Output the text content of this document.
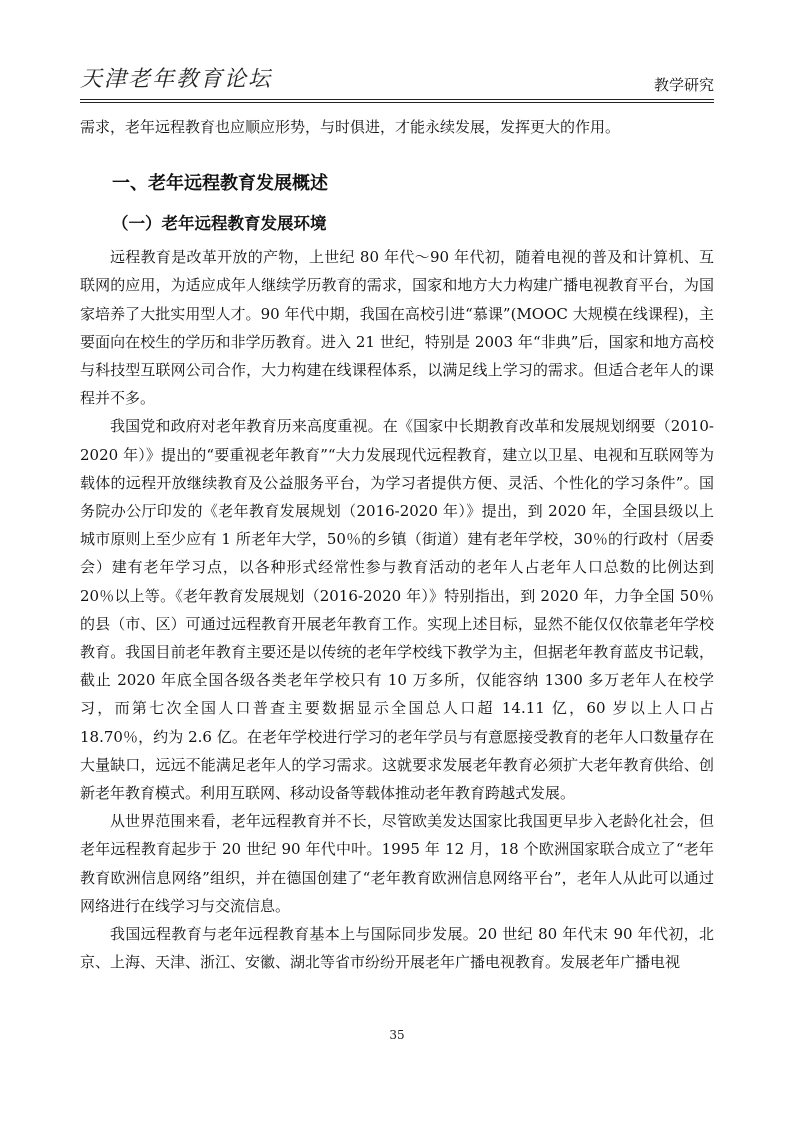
天津老年教育论坛	教学研究

需求，老年远程教育也应顺应形势，与时俱进，才能永续发展，发挥更大的作用。

一、老年远程教育发展概述
（一）老年远程教育发展环境

远程教育是改革开放的产物，上世纪 80 年代～90 年代初，随着电视的普及和计算机、互联网的应用，为适应成年人继续学历教育的需求，国家和地方大力构建广播电视教育平台，为国家培养了大批实用型人才。90 年代中期，我国在高校引进“慕课”(MOOC 大规模在线课程)，主要面向在校生的学历和非学历教育。进入 21 世纪，特别是 2003 年“非典”后，国家和地方高校与科技型互联网公司合作，大力构建在线课程体系，以满足线上学习的需求。但适合老年人的课程并不多。

我国党和政府对老年教育历来高度重视。在《国家中长期教育改革和发展规划纲要（2010-2020 年）》提出的“要重视老年教育”“大力发展现代远程教育，建立以卫星、电视和互联网等为载体的远程开放继续教育及公益服务平台，为学习者提供方便、灵活、个性化的学习条件”。国务院办公厅印发的《老年教育发展规划（2016-2020 年）》提出，到 2020 年，全国县级以上城市原则上至少应有 1 所老年大学，50％的乡镇（街道）建有老年学校，30％的行政村（居委会）建有老年学习点，以各种形式经常性参与教育活动的老年人占老年人口总数的比例达到 20％以上等。《老年教育发展规划（2016-2020 年）》特别指出，到 2020 年，力争全国 50％的县（市、区）可通过远程教育开展老年教育工作。实现上述目标，显然不能仅仅依靠老年学校教育。我国目前老年教育主要还是以传统的老年学校线下教学为主，但据老年教育蓝皮书记载，截止 2020 年底全国各级各类老年学校只有 10 万多所，仅能容纳 1300 多万老年人在校学习，而第七次全国人口普查主要数据显示全国总人口超 14.11 亿，60 岁以上人口占 18.70％，约为 2.6 亿。在老年学校进行学习的老年学员与有意愿接受教育的老年人口数量存在大量缺口，远远不能满足老年人的学习需求。这就要求发展老年教育必须扩大老年教育供给、创新老年教育模式。利用互联网、移动设备等载体推动老年教育跨越式发展。

从世界范围来看，老年远程教育并不长，尽管欧美发达国家比我国更早步入老龄化社会，但老年远程教育起步于 20 世纪 90 年代中叶。1995 年 12 月，18 个欧洲国家联合成立了“老年教育欧洲信息网络”组织，并在德国创建了“老年教育欧洲信息网络平台”，老年人从此可以通过网络进行在线学习与交流信息。

我国远程教育与老年远程教育基本上与国际同步发展。20 世纪 80 年代末 90 年代初，北京、上海、天津、浙江、安徽、湖北等省市纷纷开展老年广播电视教育。发展老年广播电视

35
